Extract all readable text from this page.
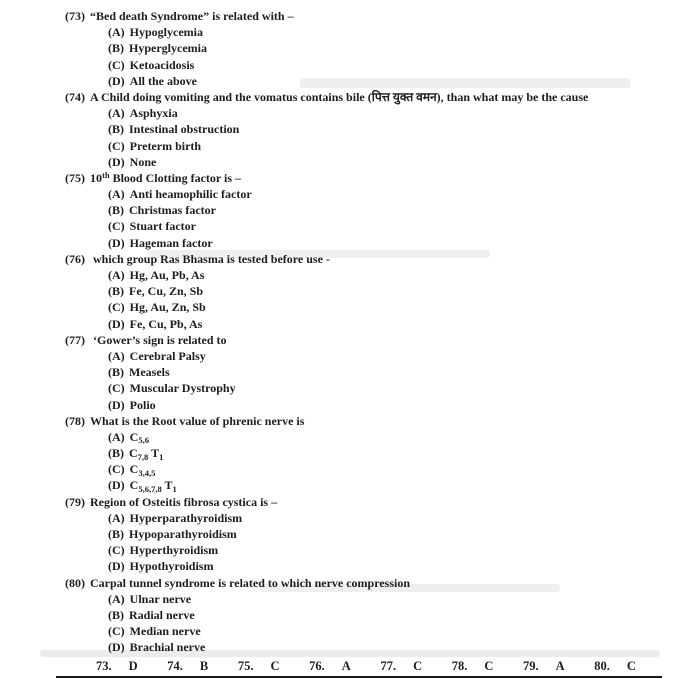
(73) “Bed death Syndrome” is related with –
(A) Hypoglycemia
(B) Hyperglycemia
(C) Ketoacidosis
(D) All the above
(74) A Child doing vomiting and the vomatus contains bile (पित्त युक्त वमन), than what may be the cause
(A) Asphyxia
(B) Intestinal obstruction
(C) Preterm birth
(D) None
(75) 10th Blood Clotting factor is –
(A) Anti heamophilic factor
(B) Christmas factor
(C) Stuart factor
(D) Hageman factor
(76) which group Ras Bhasma is tested before use -
(A) Hg, Au, Pb, As
(B) Fe, Cu, Zn, Sb
(C) Hg, Au, Zn, Sb
(D) Fe, Cu, Pb, As
(77) ‘Gower’s sign is related to
(A) Cerebral Palsy
(B) Measels
(C) Muscular Dystrophy
(D) Polio
(78) What is the Root value of phrenic nerve is
(A) $C_{5,6}$
(B) $C_{7,8}$ $T_1$
(C) $C_{3,4,5}$
(D) $C_{5,6,7,8}$ $T_1$
(79) Region of Osteitis fibrosa cystica is –
(A) Hyperparathyroidism
(B) Hypoparathyroidism
(C) Hyperthyroidism
(D) Hypothyroidism
(80) Carpal tunnel syndrome is related to which nerve compression
(A) Ulnar nerve
(B) Radial nerve
(C) Median nerve
(D) Brachial nerve
73. D 74. B 75. C 76. A 77. C 78. C 79. A 80. C
